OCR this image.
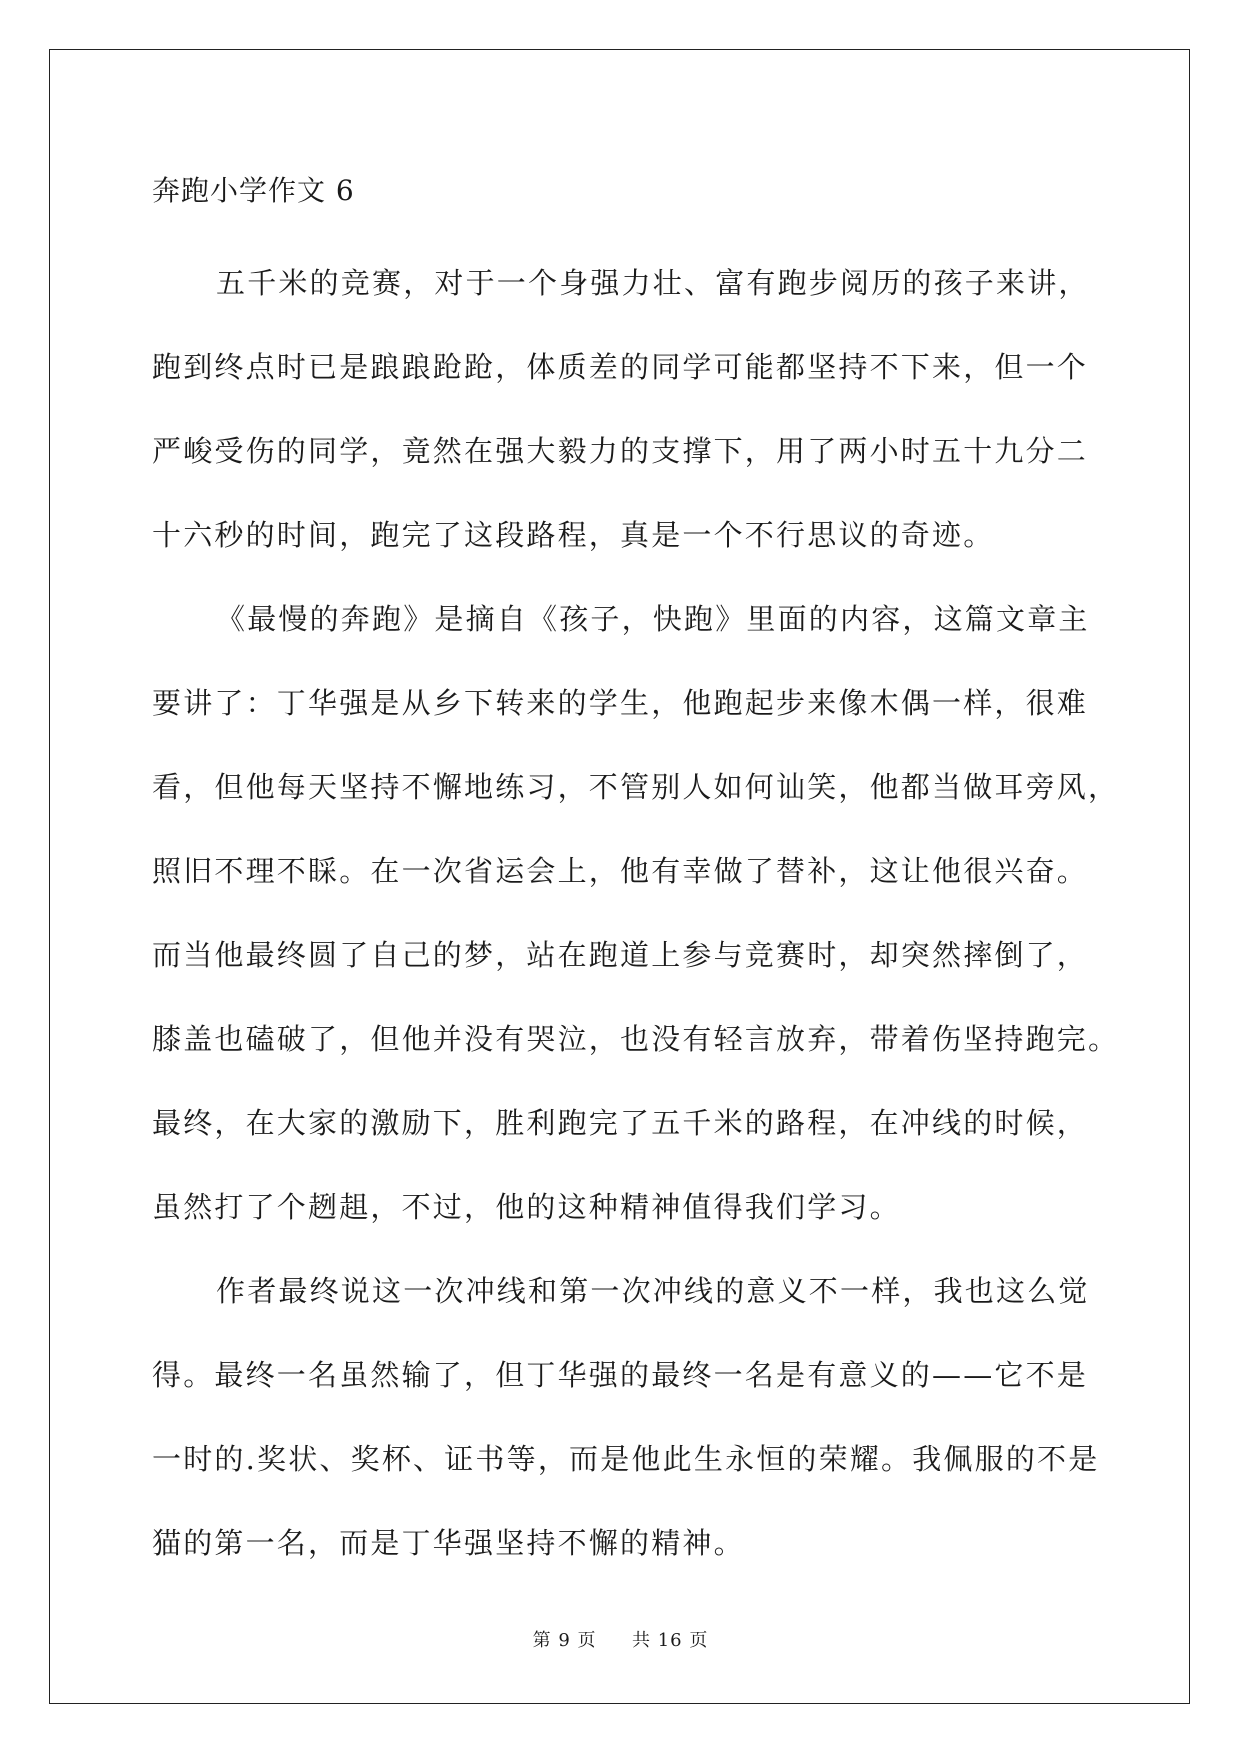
奔跑小学作文 6
五千米的竞赛，对于一个身强力壮、富有跑步阅历的孩子来讲，
跑到终点时已是踉踉跄跄，体质差的同学可能都坚持不下来，但一个
严峻受伤的同学，竟然在强大毅力的支撑下，用了两小时五十九分二
十六秒的时间，跑完了这段路程，真是一个不行思议的奇迹。
《最慢的奔跑》是摘自《孩子，快跑》里面的内容，这篇文章主
要讲了：丁华强是从乡下转来的学生，他跑起步来像木偶一样，很难
看，但他每天坚持不懈地练习，不管别人如何讪笑，他都当做耳旁风，
照旧不理不睬。在一次省运会上，他有幸做了替补，这让他很兴奋。
而当他最终圆了自己的梦，站在跑道上参与竞赛时，却突然摔倒了，
膝盖也磕破了，但他并没有哭泣，也没有轻言放弃，带着伤坚持跑完。
最终，在大家的激励下，胜利跑完了五千米的路程，在冲线的时候，
虽然打了个趔趄，不过，他的这种精神值得我们学习。
作者最终说这一次冲线和第一次冲线的意义不一样，我也这么觉
得。最终一名虽然输了，但丁华强的最终一名是有意义的——它不是
一时的.奖状、奖杯、证书等，而是他此生永恒的荣耀。我佩服的不是
猫的第一名，而是丁华强坚持不懈的精神。
第 9 页 共 16 页
